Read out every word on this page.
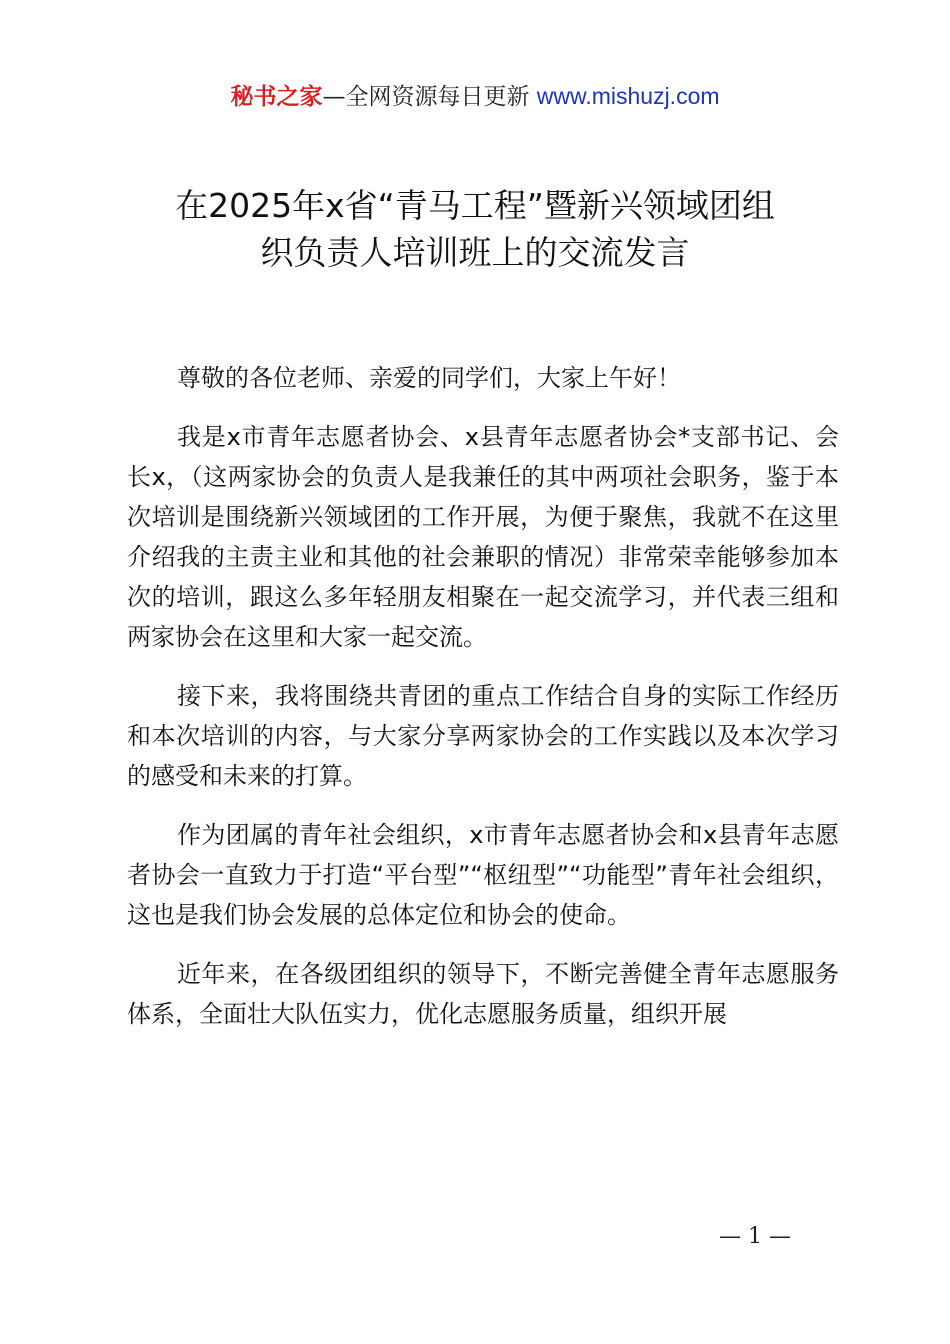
秘书之家—全网资源每日更新 www.mishuzj.com
在2025年x省“青马工程”暨新兴领域团组
织负责人培训班上的交流发言

尊敬的各位老师、亲爱的同学们，大家上午好！

我是x市青年志愿者协会、x县青年志愿者协会*支部书记、会长x，（这两家协会的负责人是我兼任的其中两项社会职务，鉴于本次培训是围绕新兴领域团的工作开展，为便于聚焦，我就不在这里介绍我的主责主业和其他的社会兼职的情况）非常荣幸能够参加本次的培训，跟这么多年轻朋友相聚在一起交流学习，并代表三组和两家协会在这里和大家一起交流。

接下来，我将围绕共青团的重点工作结合自身的实际工作经历和本次培训的内容，与大家分享两家协会的工作实践以及本次学习的感受和未来的打算。

作为团属的青年社会组织，x市青年志愿者协会和x县青年志愿者协会一直致力于打造“平台型”“枢纽型”“功能型”青年社会组织，这也是我们协会发展的总体定位和协会的使命。

近年来，在各级团组织的领导下，不断完善健全青年志愿服务体系，全面壮大队伍实力，优化志愿服务质量，组织开展

— 1 —
